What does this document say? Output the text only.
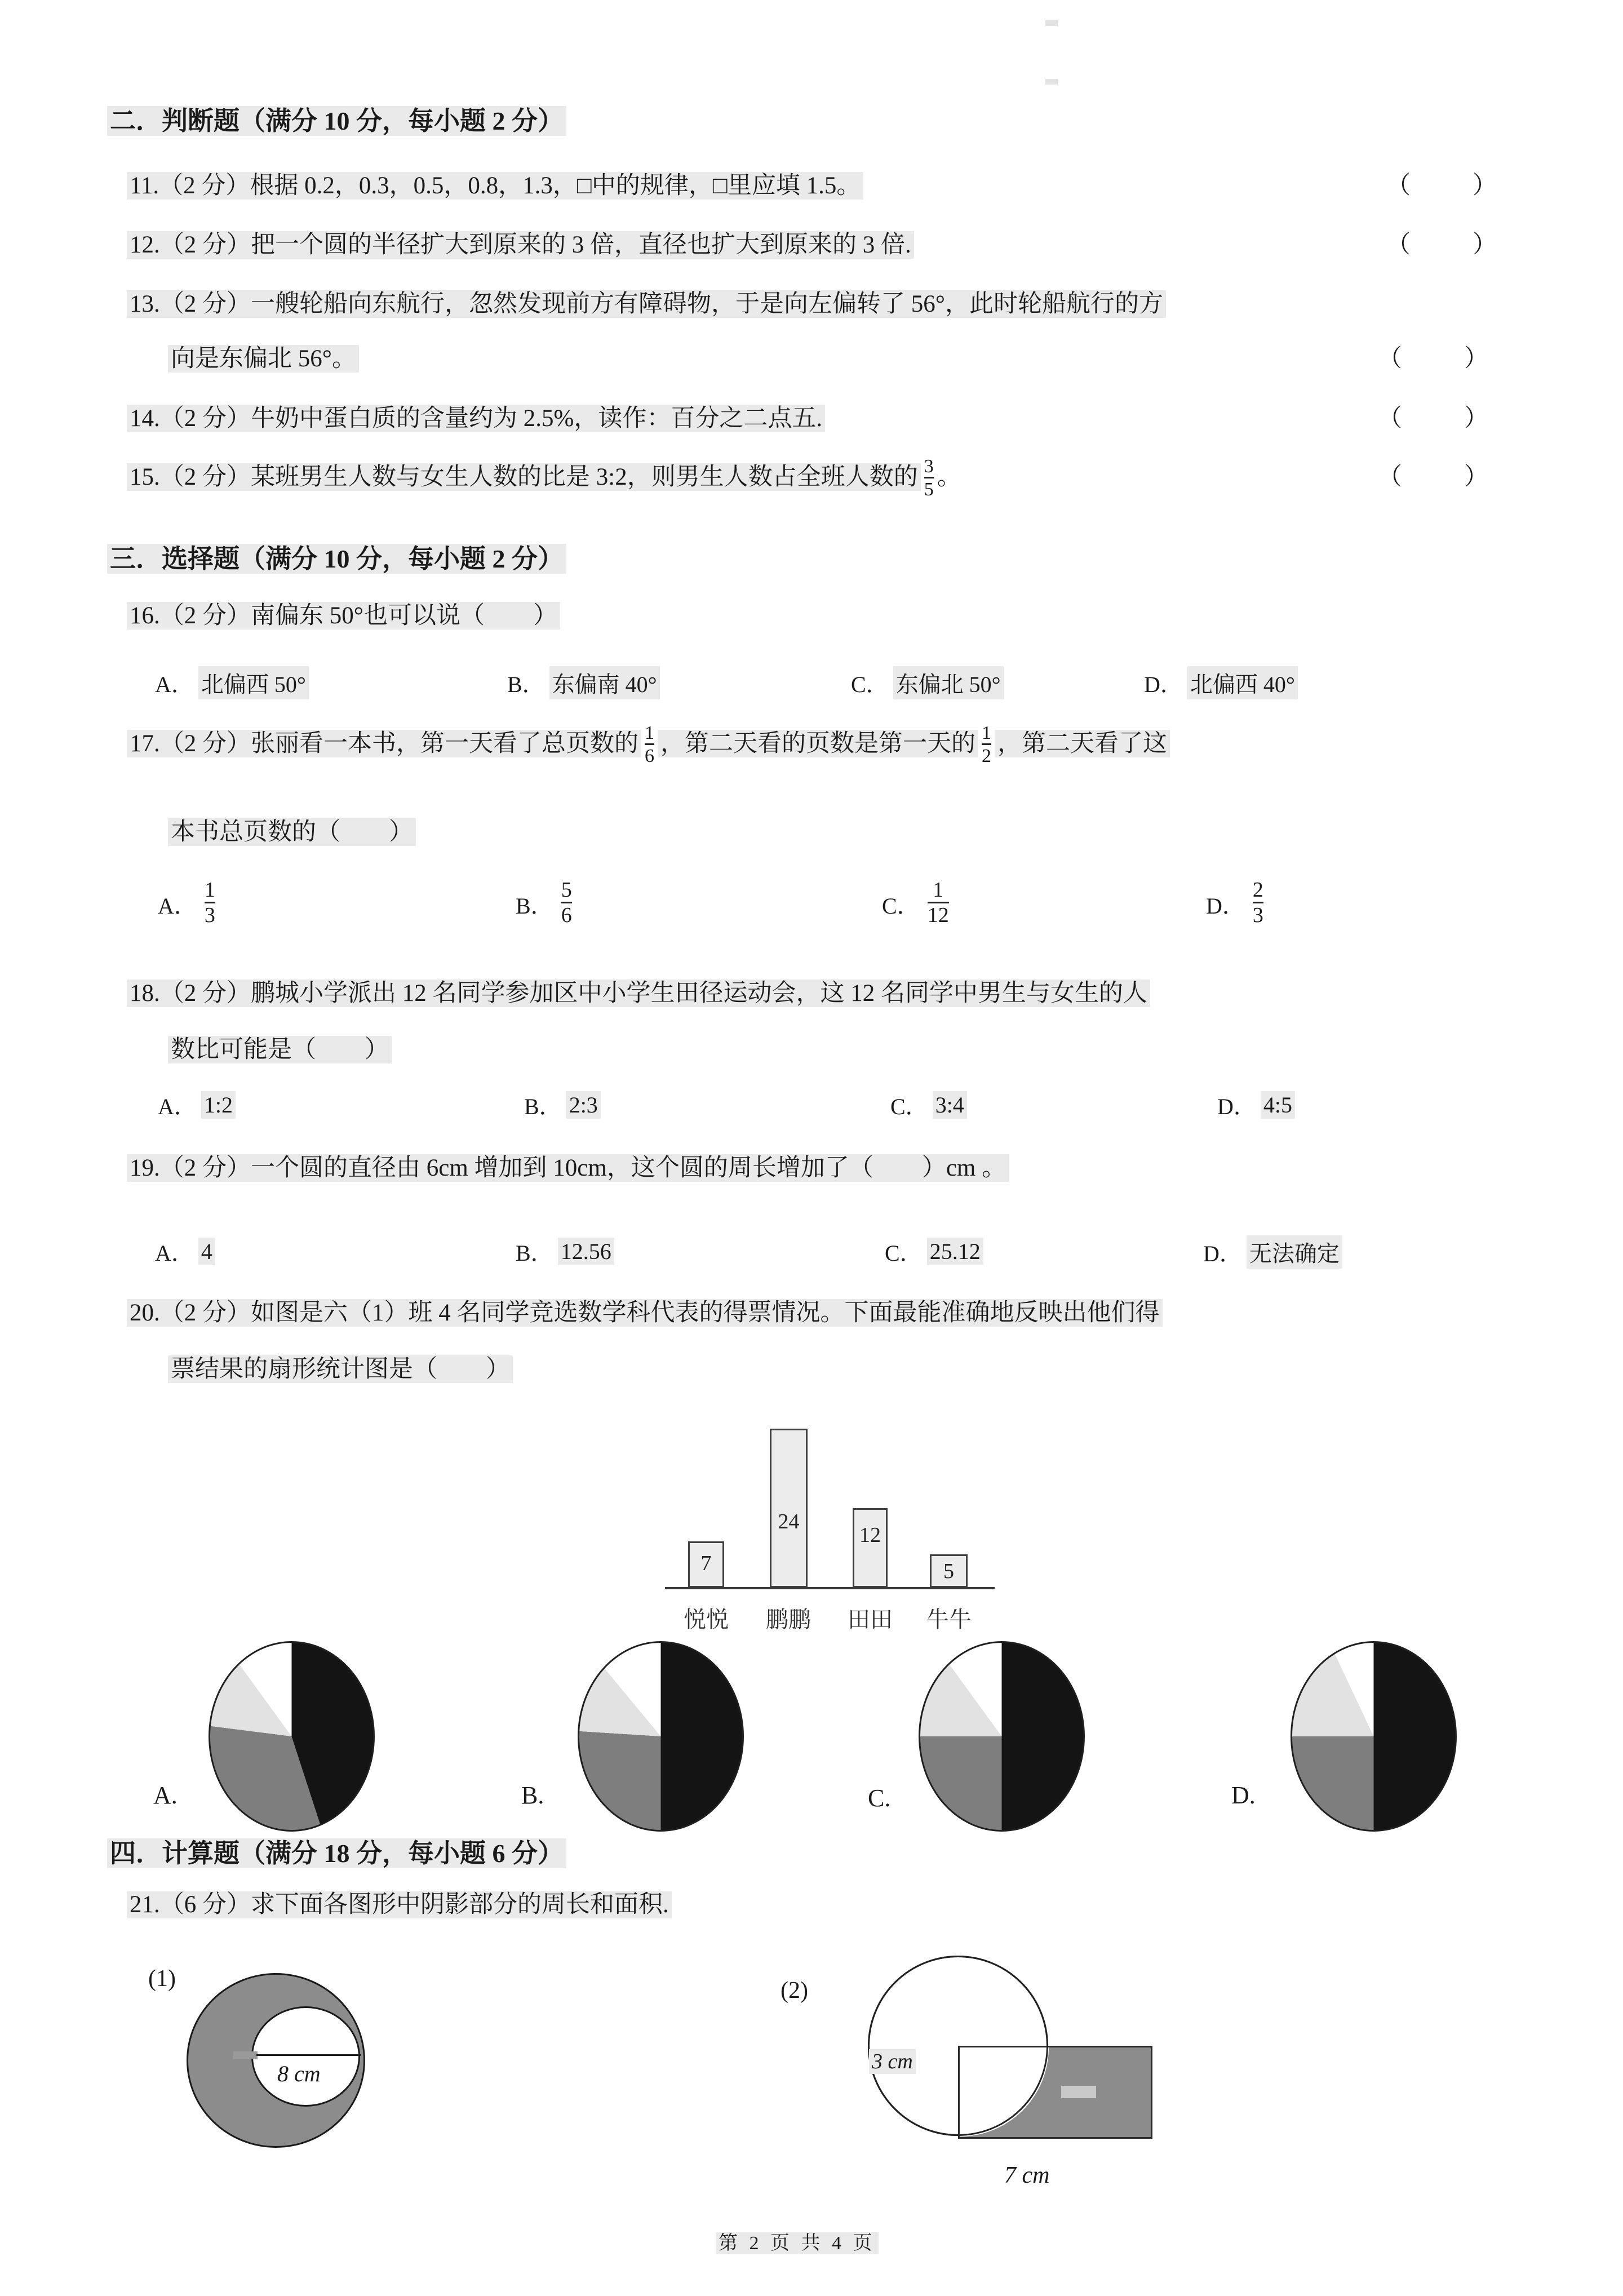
二．判断题（满分 10 分，每小题 2 分）
11.（2 分）根据 0.2，0.3，0.5，0.8，1.3，□中的规律，□里应填 1.5。	（　　）
12.（2 分）把一个圆的半径扩大到原来的 3 倍，直径也扩大到原来的 3 倍.	（　　）
13.（2 分）一艘轮船向东航行，忽然发现前方有障碍物，于是向左偏转了 56°，此时轮船航行的方
向是东偏北 56°。	（　　）
14.（2 分）牛奶中蛋白质的含量约为 2.5%，读作：百分之二点五.	（　　）
15.（2 分）某班男生人数与女生人数的比是 3:2，则男生人数占全班人数的 $\frac{3}{5}$ 。	（　　）
三．选择题（满分 10 分，每小题 2 分）
16.（2 分）南偏东 50°也可以说（　　）
A． 北偏西 50°	B． 东偏南 40°	C． 东偏北 50°	D． 北偏西 40°
17.（2 分）张丽看一本书，第一天看了总页数的 $\frac{1}{6}$ ，第二天看的页数是第一天的 $\frac{1}{2}$ ，第二天看了这
本书总页数的（　　）
A． $\frac{1}{3}$	B． $\frac{5}{6}$	C． $\frac{1}{12}$	D． $\frac{2}{3}$
18.（2 分）鹏城小学派出 12 名同学参加区中小学生田径运动会，这 12 名同学中男生与女生的人
数比可能是（　　）
A． 1:2	B． 2:3	C． 3:4	D． 4:5
19.（2 分）一个圆的直径由 6cm 增加到 10cm，这个圆的周长增加了（　　）cm 。
A． 4	B． 12.56	C． 25.12	D． 无法确定
20.（2 分）如图是六（1）班 4 名同学竞选数学科代表的得票情况。下面最能准确地反映出他们得
票结果的扇形统计图是（　　）
7
24
12
5
悦悦	鹏鹏	田田	牛牛
A.	B.	C.	D.
四．计算题（满分 18 分，每小题 6 分）
21.（6 分）求下面各图形中阴影部分的周长和面积.
(1)
8 cm
(2)
3 cm
7 cm
第 2 页 共 4 页
